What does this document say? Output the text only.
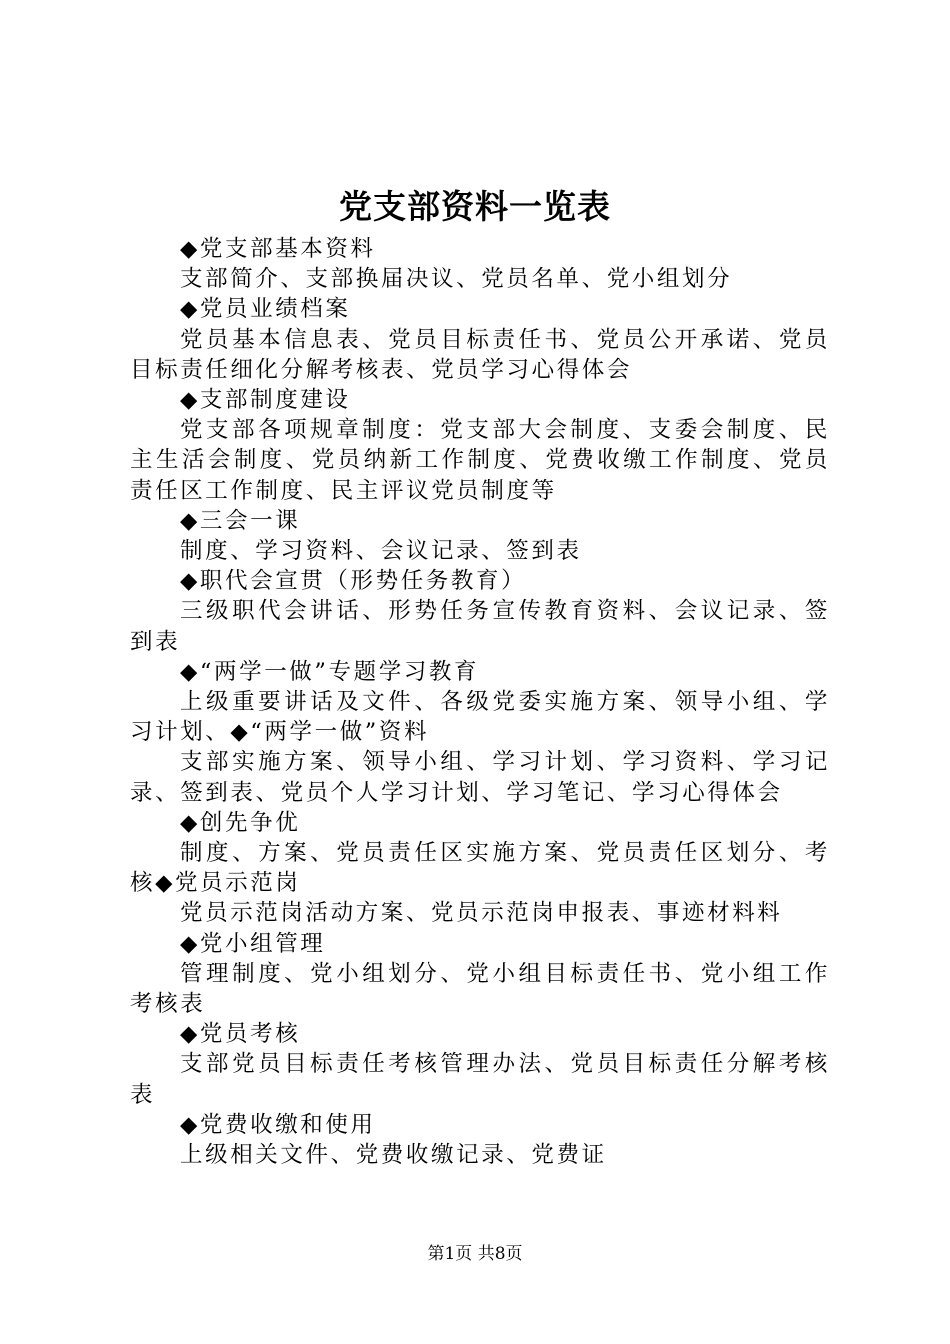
党支部资料一览表

◆党支部基本资料

支部简介、支部换届决议、党员名单、党小组划分

◆党员业绩档案

党员基本信息表、党员目标责任书、党员公开承诺、党员目标责任细化分解考核表、党员学习心得体会

◆支部制度建设

党支部各项规章制度：党支部大会制度、支委会制度、民主生活会制度、党员纳新工作制度、党费收缴工作制度、党员责任区工作制度、民主评议党员制度等

◆三会一课

制度、学习资料、会议记录、签到表

◆职代会宣贯（形势任务教育）

三级职代会讲话、形势任务宣传教育资料、会议记录、签到表

◆“两学一做”专题学习教育

上级重要讲话及文件、各级党委实施方案、领导小组、学习计划、◆“两学一做”资料

支部实施方案、领导小组、学习计划、学习资料、学习记录、签到表、党员个人学习计划、学习笔记、学习心得体会

◆创先争优

制度、方案、党员责任区实施方案、党员责任区划分、考核◆党员示范岗

党员示范岗活动方案、党员示范岗申报表、事迹材料料

◆党小组管理

管理制度、党小组划分、党小组目标责任书、党小组工作考核表

◆党员考核

支部党员目标责任考核管理办法、党员目标责任分解考核表

◆党费收缴和使用

上级相关文件、党费收缴记录、党费证

第1页 共8页
